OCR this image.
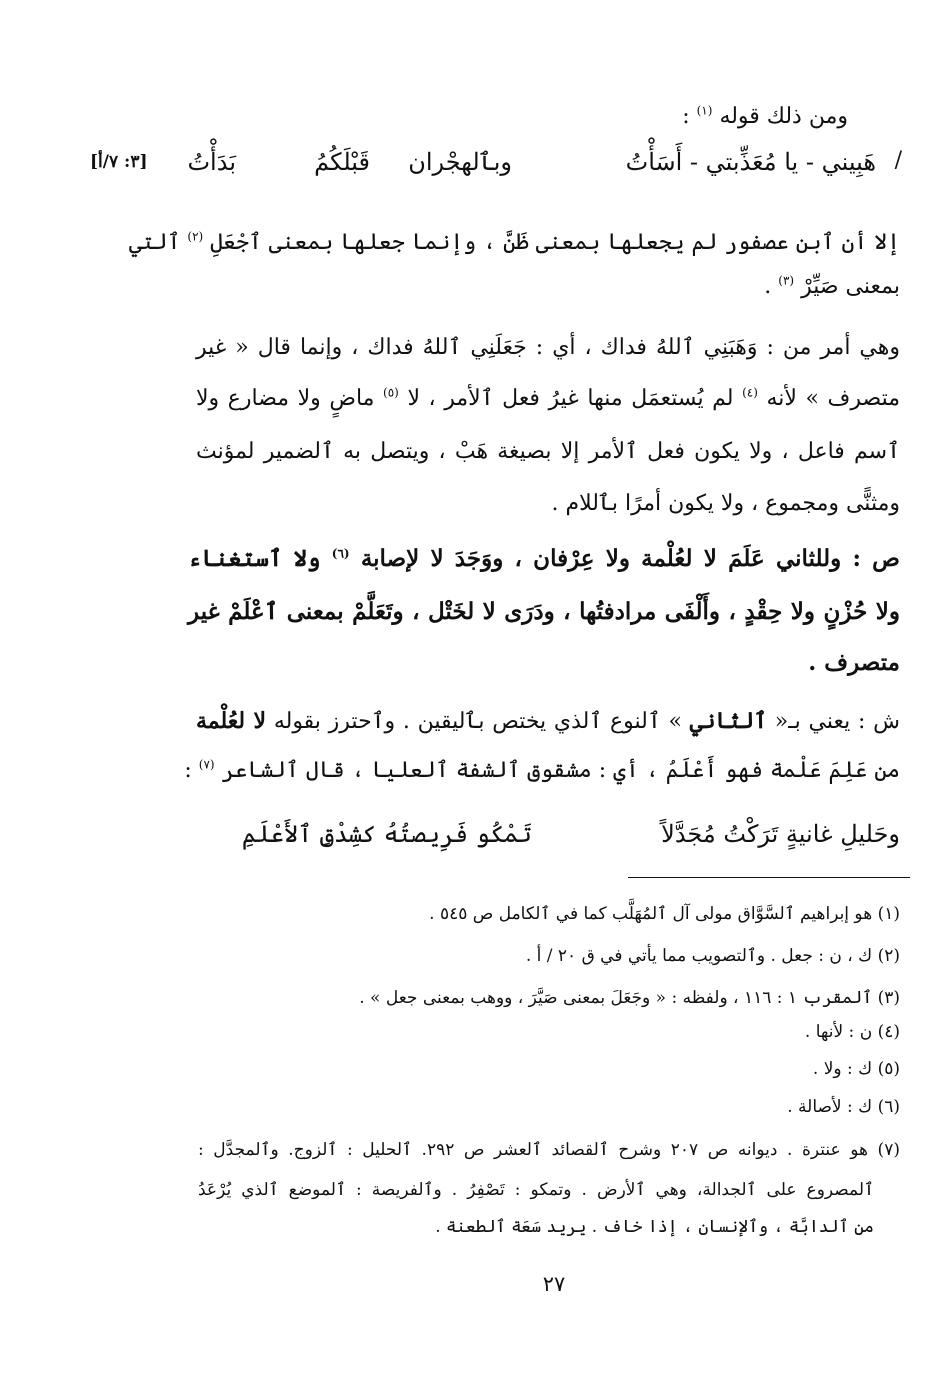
ومن ذلك قوله $^{(١)}$ :
/
هَبِيني - يا مُعَذِّبتي - أَسَأْتُ
وبٱلهجْران
قَبْلَكُمُ
بَدَأْتُ
[٣: ٧/أ]
إلا أن ٱبن عصفور لم يجعلها بمعنى ظَنَّ ، وإنما جعلها بمعنى ٱجْعَلِ $^{(٢)}$ ٱلتي
بمعنى صَيِّرْ $^{(٣)}$ .
وهي أمر من : وَهَبَنِي ٱللهُ فداك ، أي : جَعَلَنِي ٱللهُ فداك ، وإنما قال « غير
متصرف » لأنه $^{(٤)}$ لم يُستعمَل منها غيرُ فعل ٱلأمر ، لا $^{(٥)}$ ماضٍ ولا مضارع ولا
ٱسم فاعل ، ولا يكون فعل ٱلأمر إلا بصيغة هَبْ ، ويتصل به ٱلضمير لمؤنث
ومثنًّى ومجموع ، ولا يكون أمرًا بٱللام .
ص : وللثاني عَلَمَ لا لعُلْمة ولا عِرْفان ، ووَجَدَ لا لإصابة $^{(٦)}$ ولا ٱستغناء
ولا حُزْنٍ ولا حِقْدٍ ، وأَلْفَى مرادفتُها ، ودَرَى لا لخَتْل ، وتَعَلَّمْ بمعنى ٱعْلَمْ غير
متصرف .
ش : يعني بـ« ٱلثاني » ٱلنوع ٱلذي يختص بٱليقين . وٱحترز بقوله لا لعُلْمة
من عَلِمَ عَلْمة فهو أَعْلَمُ ، أي : مشقوق ٱلشفة ٱلعليا ، قال ٱلشاعر $^{(٧)}$ :
وحَليلِ غانيةٍ تَرَكْتُ مُجَدَّلاً
تَمْكُو فَرِيصتُهُ كشِدْقِ ٱلأَعْلَمِ
(١) هو إبراهيم ٱلسَّوَّاق مولى آل ٱلمُهَلَّب كما في ٱلكامل ص ٥٤٥ .
(٢) ك ، ن : جعل . وٱلتصويب مما يأتي في ق ٢٠ / أ .
(٣) ٱلمقرب ١ : ١١٦ ، ولفظه : « وجَعَلَ بمعنى صَيَّرَ ، ووهب بمعنى جعل » .
(٤) ن : لأنها .
(٥) ك : ولا .
(٦) ك : لأصالة .
(٧) هو عنترة . ديوانه ص ٢٠٧ وشرح ٱلقصائد ٱلعشر ص ٢٩٢. ٱلحليل : ٱلزوج. وٱلمجدَّل :
ٱلمصروع على ٱلجدالة، وهي ٱلأرض . وتمكو : تَصْفِرُ . وٱلفريصة : ٱلموضع ٱلذي يُرْعَدُ
من ٱلدابَّة ، وٱلإنسان ، إذا خاف . يريد سَعَة ٱلطعنة .
٢٧
